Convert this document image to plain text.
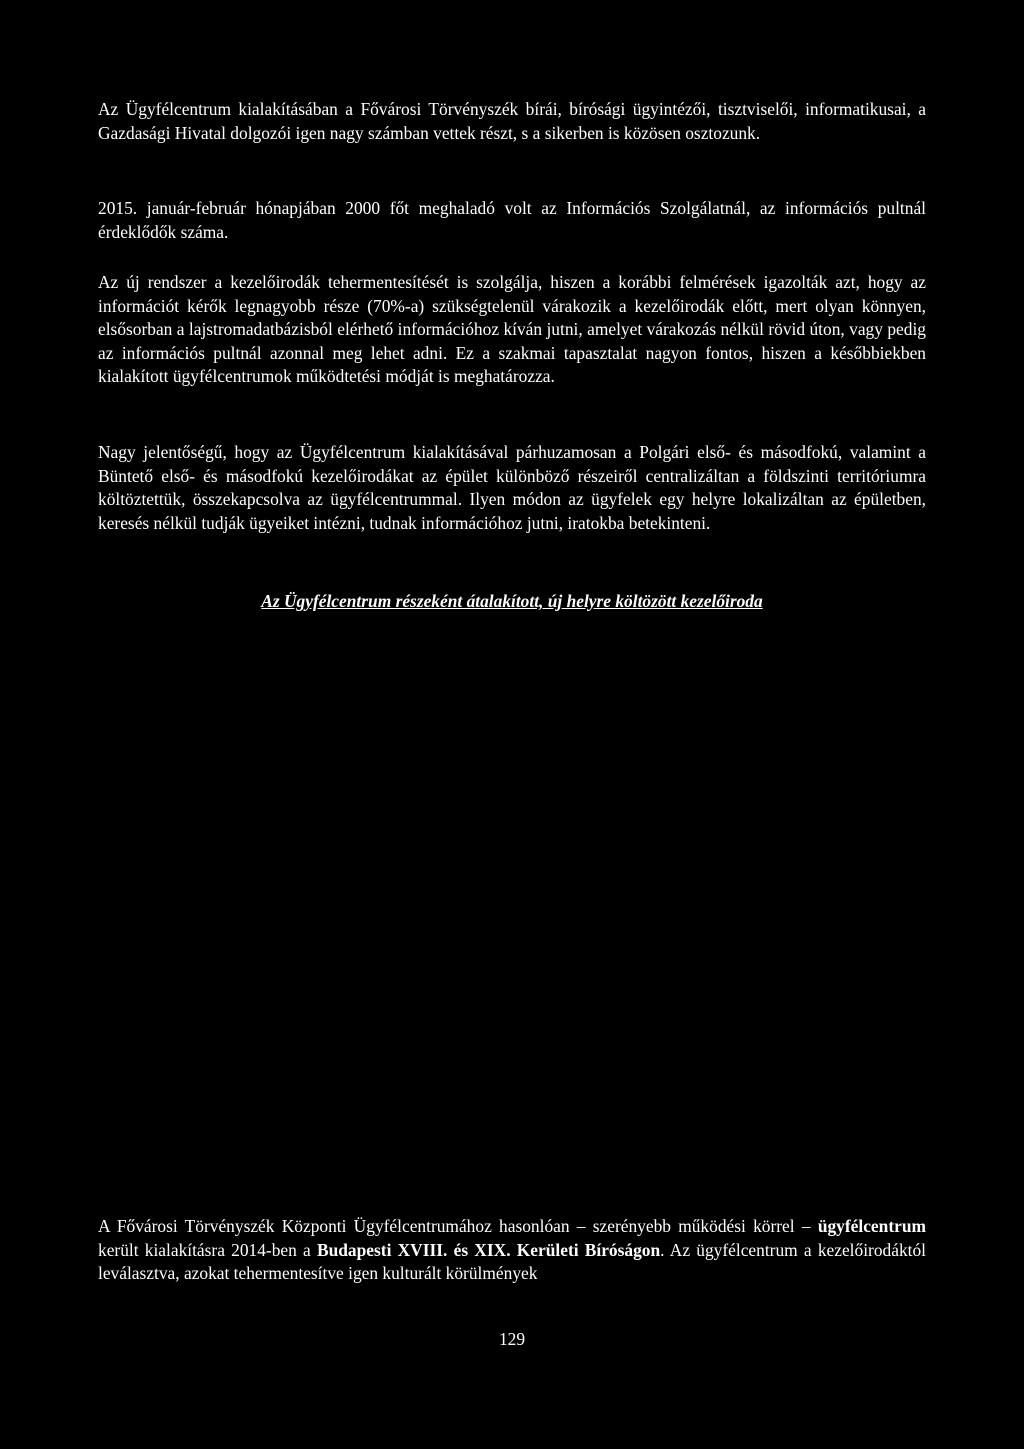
Az Ügyfélcentrum kialakításában a Fővárosi Törvényszék bírái, bírósági ügyintézői, tisztviselői, informatikusai, a Gazdasági Hivatal dolgozói igen nagy számban vettek részt, s a sikerben is közösen osztozunk.

2015. január-február hónapjában 2000 főt meghaladó volt az Információs Szolgálatnál, az információs pultnál érdeklődők száma.

Az új rendszer a kezelőirodák tehermentesítését is szolgálja, hiszen a korábbi felmérések igazolták azt, hogy az információt kérők legnagyobb része (70%-a) szükségtelenül várakozik a kezelőirodák előtt, mert olyan könnyen, elsősorban a lajstromadatbázisból elérhető információhoz kíván jutni, amelyet várakozás nélkül rövid úton, vagy pedig az információs pultnál azonnal meg lehet adni. Ez a szakmai tapasztalat nagyon fontos, hiszen a későbbiekben kialakított ügyfélcentrumok működtetési módját is meghatározza.

Nagy jelentőségű, hogy az Ügyfélcentrum kialakításával párhuzamosan a Polgári első- és másodfokú, valamint a Büntető első- és másodfokú kezelőirodákat az épület különböző részeiről centralizáltan a földszinti territóriumra költöztettük, összekapcsolva az ügyfélcentrummal. Ilyen módon az ügyfelek egy helyre lokalizáltan az épületben, keresés nélkül tudják ügyeiket intézni, tudnak információhoz jutni, iratokba betekinteni.

Az Ügyfélcentrum részeként átalakított, új helyre költözött kezelőiroda

A Fővárosi Törvényszék Központi Ügyfélcentrumához hasonlóan – szerényebb működési körrel – ügyfélcentrum került kialakításra 2014-ben a Budapesti XVIII. és XIX. Kerületi Bíróságon. Az ügyfélcentrum a kezelőirodáktól leválasztva, azokat tehermentesítve igen kulturált körülmények

129
